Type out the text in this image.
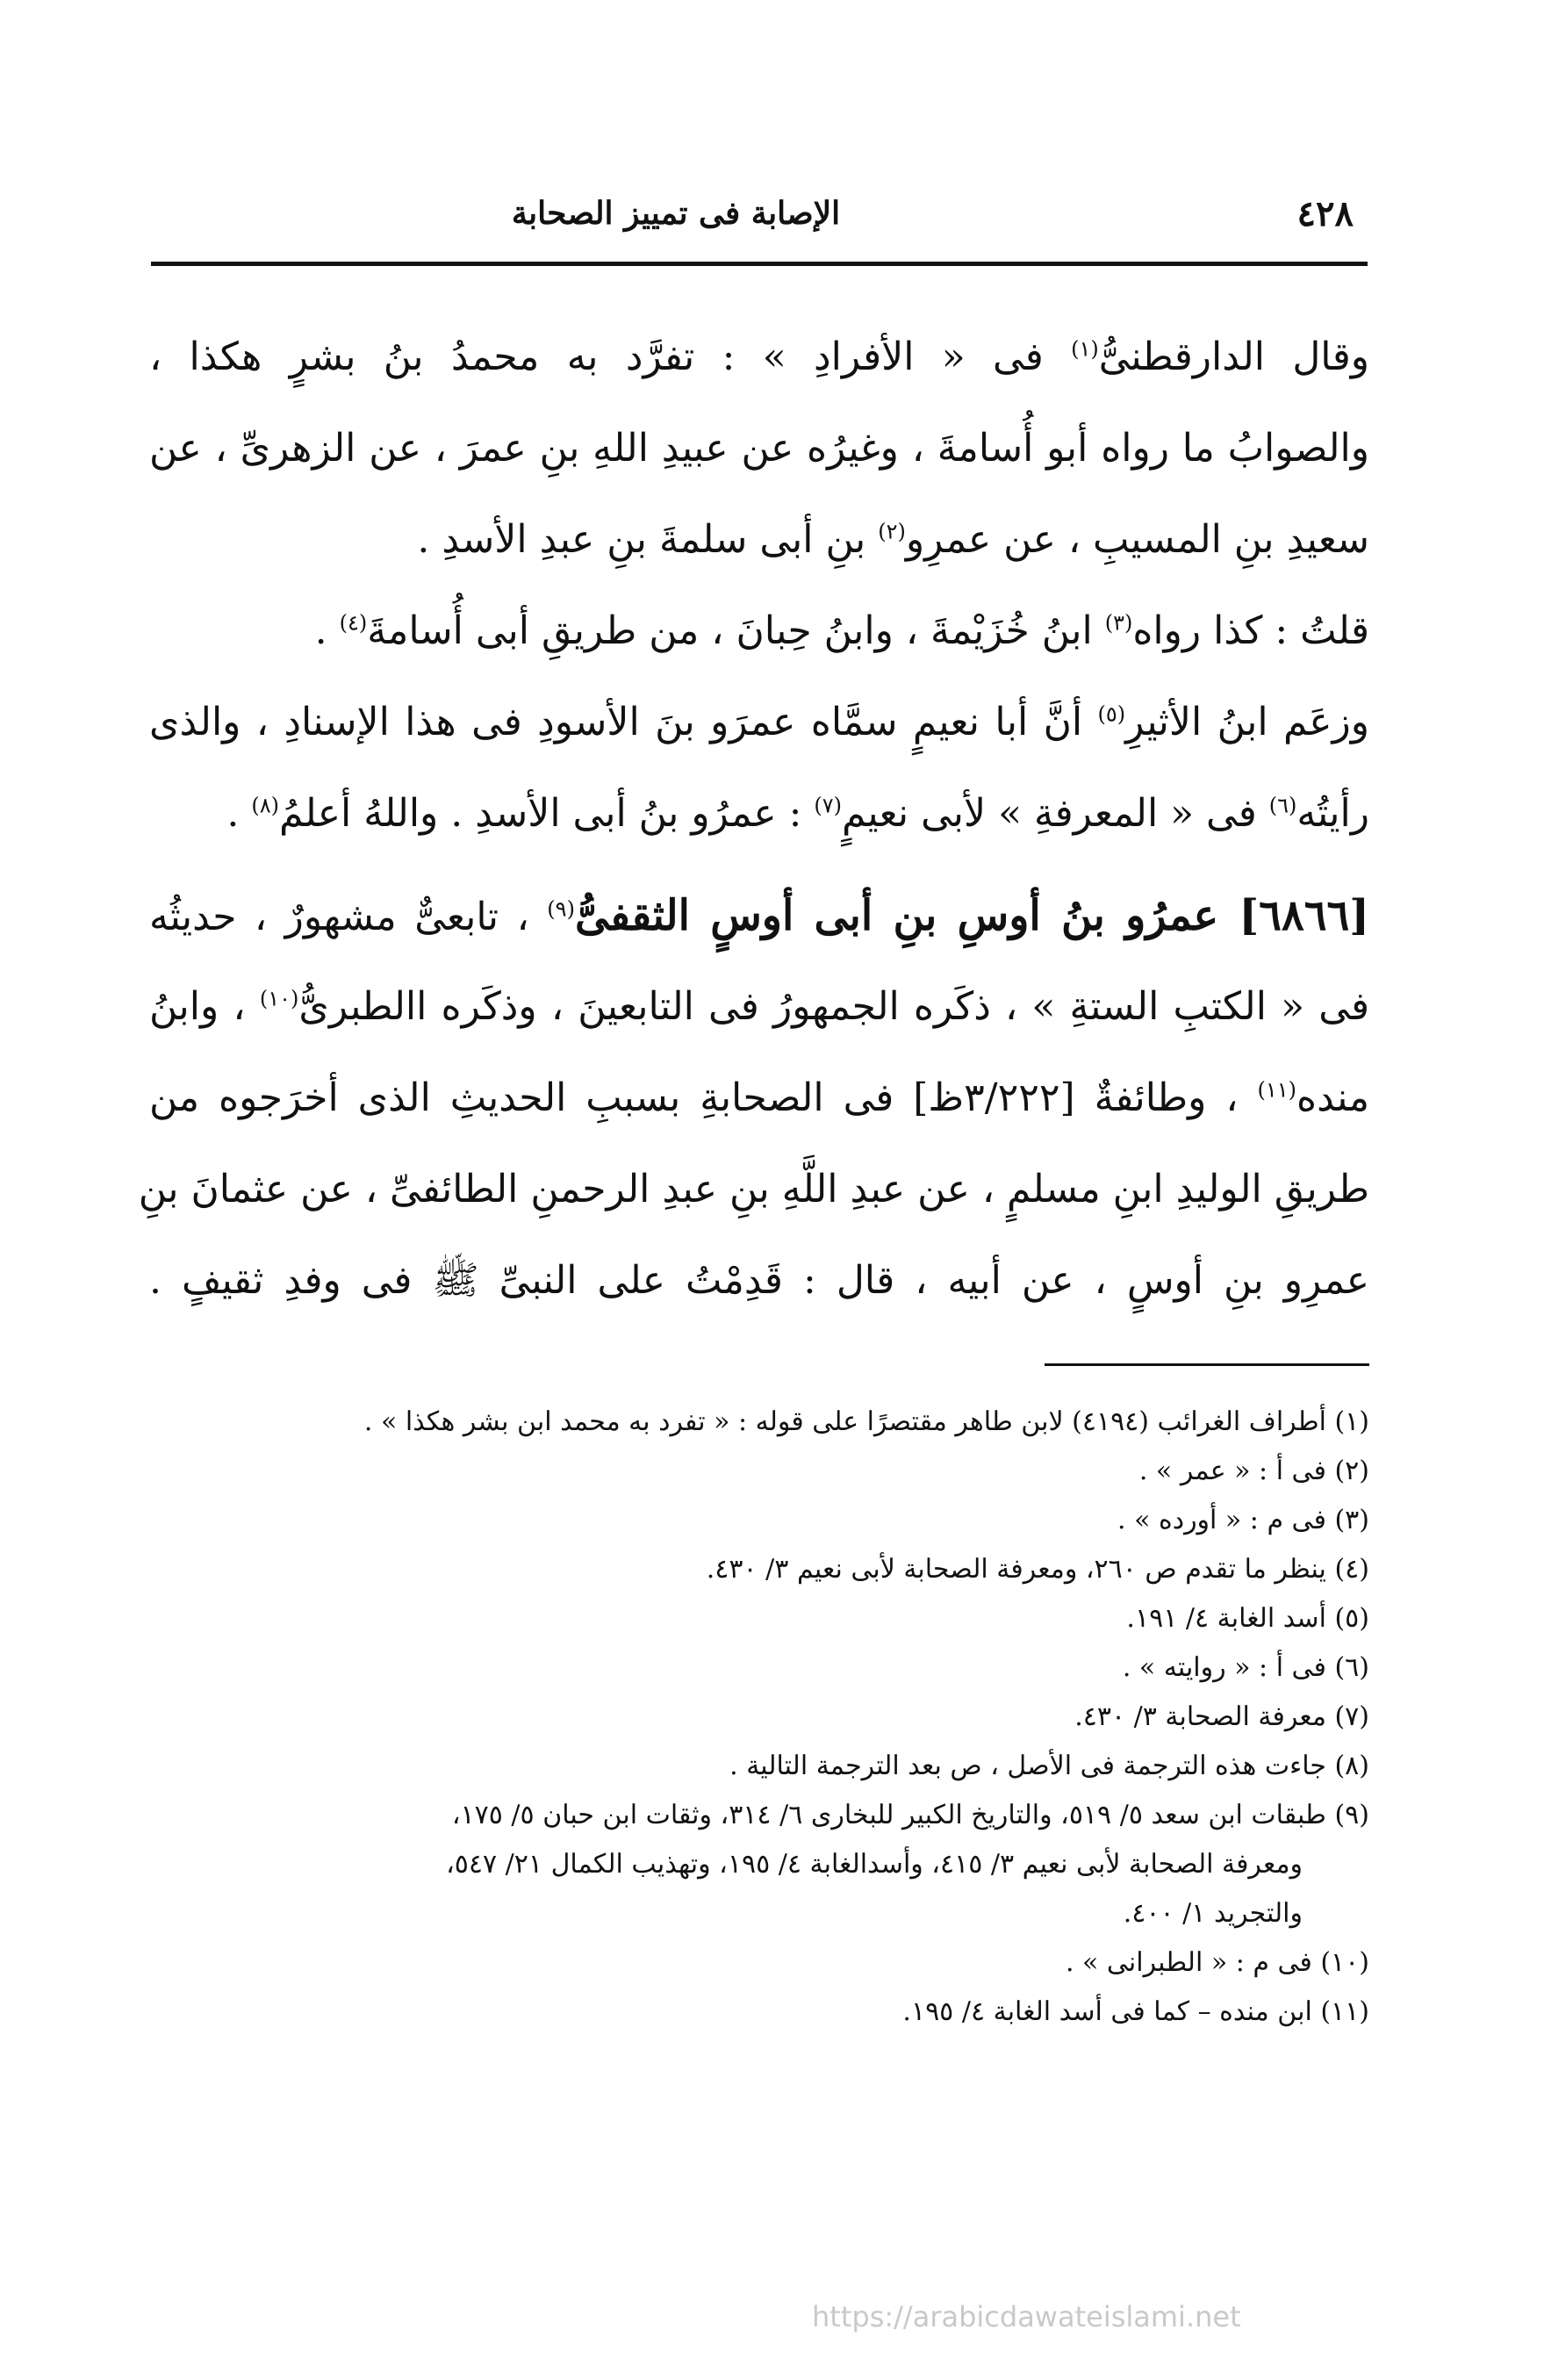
٤٢٨
الإصابة فى تمييز الصحابة
وقال الدارقطنىُّ$^{(١)}$ فى « الأفرادِ » : تفرَّد به محمدُ بنُ بشرٍ هكذا ،
والصوابُ ما رواه أبو أُسامةَ ، وغيرُه عن عبيدِ اللهِ بنِ عمرَ ، عن الزهرىِّ ، عن
سعيدِ بنِ المسيبِ ، عن عمرِو$^{(٢)}$ بنِ أبى سلمةَ بنِ عبدِ الأسدِ .
قلتُ : كذا رواه$^{(٣)}$ ابنُ خُزَيْمةَ ، وابنُ حِبانَ ، من طريقِ أبى أُسامةَ$^{(٤)}$ .
وزعَم ابنُ الأثيرِ$^{(٥)}$ أنَّ أبا نعيمٍ سمَّاه عمرَو بنَ الأسودِ فى هذا الإسنادِ ، والذى
رأيتُه$^{(٦)}$ فى « المعرفةِ » لأبى نعيمٍ$^{(٧)}$ : عمرُو بنُ أبى الأسدِ . واللهُ أعلمُ$^{(٨)}$ .
[٦٨٦٦] عمرُو بنُ أوسِ بنِ أبى أوسٍ الثقفىُّ$^{(٩)}$ ، تابعىٌّ مشهورٌ ، حديثُه
فى « الكتبِ الستةِ » ، ذكَره الجمهورُ فى التابعينَ ، وذكَره االطبرىُّ$^{(١٠)}$ ، وابنُ
منده$^{(١١)}$ ، وطائفةٌ [٣/٢٢٢ظ] فى الصحابةِ بسببِ الحديثِ الذى أخرَجوه من
طريقِ الوليدِ ابنِ مسلمٍ ، عن عبدِ اللَّهِ بنِ عبدِ الرحمنِ الطائفىِّ ، عن عثمانَ بنِ
عمرِو بنِ أوسٍ ، عن أبيه ، قال : قَدِمْتُ على النبىِّ ﷺ فى وفدِ ثقيفٍ .
(١) أطراف الغرائب (٤١٩٤) لابن طاهر مقتصرًا على قوله : « تفرد به محمد ابن بشر هكذا » .
(٢) فى أ : « عمر » .
(٣) فى م : « أورده » .
(٤) ينظر ما تقدم ص ٢٦٠، ومعرفة الصحابة لأبى نعيم ٣/ ٤٣٠.
(٥) أسد الغابة ٤/ ١٩١.
(٦) فى أ : « روايته » .
(٧) معرفة الصحابة ٣/ ٤٣٠.
(٨) جاءت هذه الترجمة فى الأصل ، ص بعد الترجمة التالية .
(٩) طبقات ابن سعد ٥/ ٥١٩، والتاريخ الكبير للبخارى ٦/ ٣١٤، وثقات ابن حبان ٥/ ١٧٥،
ومعرفة الصحابة لأبى نعيم ٣/ ٤١٥، وأسدالغابة ٤/ ١٩٥، وتهذيب الكمال ٢١/ ٥٤٧،
والتجريد ١/ ٤٠٠.
(١٠) فى م : « الطبرانى » .
(١١) ابن منده – كما فى أسد الغابة ٤/ ١٩٥.
https://arabicdawateislami.net
